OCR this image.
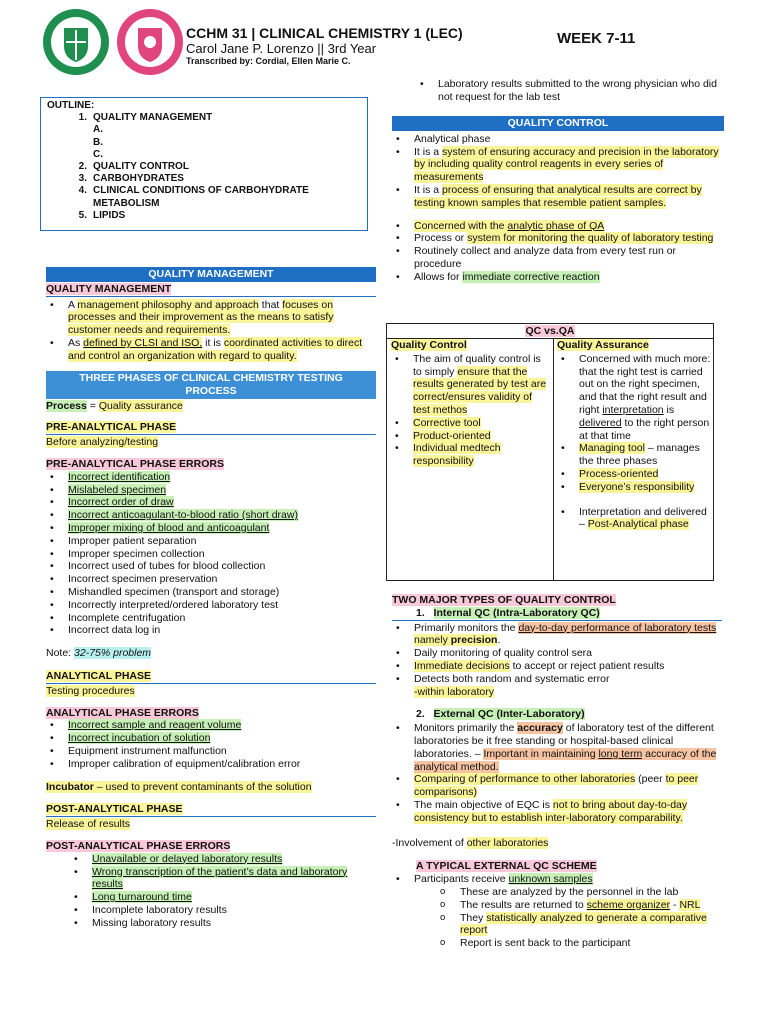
CCHM 31 | CLINICAL CHEMISTRY 1 (LEC)
Carol Jane P. Lorenzo || 3rd Year
Transcribed by: Cordial, Ellen Marie C.
WEEK 7-11
OUTLINE:
1. QUALITY MANAGEMENT
A.
B.
C.
2. QUALITY CONTROL
3. CARBOHYDRATES
4. CLINICAL CONDITIONS OF CARBOHYDRATE METABOLISM
5. LIPIDS
QUALITY MANAGEMENT
QUALITY MANAGEMENT
• A management philosophy and approach that focuses on processes and their improvement as the means to satisfy customer needs and requirements.
• As defined by CLSI and ISO, it is coordinated activities to direct and control an organization with regard to quality.
THREE PHASES OF CLINICAL CHEMISTRY TESTING PROCESS
Process = Quality assurance
PRE-ANALYTICAL PHASE
Before analyzing/testing
PRE-ANALYTICAL PHASE ERRORS
• Incorrect identification
• Mislabeled specimen
• Incorrect order of draw
• Incorrect anticoagulant-to-blood ratio (short draw)
• Improper mixing of blood and anticoagulant
• Improper patient separation
• Improper specimen collection
• Incorrect used of tubes for blood collection
• Incorrect specimen preservation
• Mishandled specimen (transport and storage)
• Incorrectly interpreted/ordered laboratory test
• Incomplete centrifugation
• Incorrect data log in
Note: 32-75% problem
ANALYTICAL PHASE
Testing procedures
ANALYTICAL PHASE ERRORS
• Incorrect sample and reagent volume
• Incorrect incubation of solution
• Equipment instrument malfunction
• Improper calibration of equipment/calibration error
Incubator – used to prevent contaminants of the solution
POST-ANALYTICAL PHASE
Release of results
POST-ANALYTICAL PHASE ERRORS
• Unavailable or delayed laboratory results
• Wrong transcription of the patient’s data and laboratory results
• Long turnaround time
• Incomplete laboratory results
• Missing laboratory results
• Laboratory results submitted to the wrong physician who did not request for the lab test
QUALITY CONTROL
• Analytical phase
• It is a system of ensuring accuracy and precision in the laboratory by including quality control reagents in every series of measurements
• It is a process of ensuring that analytical results are correct by testing known samples that resemble patient samples.
• Concerned with the analytic phase of QA
• Process or system for monitoring the quality of laboratory testing
• Routinely collect and analyze data from every test run or procedure
• Allows for immediate corrective reaction
QC vs.QA
Quality Control
• The aim of quality control is to simply ensure that the results generated by test are correct/ensures validity of test methos
• Corrective tool
• Product-oriented
• Individual medtech responsibility
Quality Assurance
• Concerned with much more: that the right test is carried out on the right specimen, and that the right result and right interpretation is delivered to the right person at that time
• Managing tool – manages the three phases
• Process-oriented
• Everyone’s responsibility
• Interpretation and delivered – Post-Analytical phase
TWO MAJOR TYPES OF QUALITY CONTROL
1. Internal QC (Intra-Laboratory QC)
• Primarily monitors the day-to-day performance of laboratory tests namely precision.
• Daily monitoring of quality control sera
• Immediate decisions to accept or reject patient results
• Detects both random and systematic error
-within laboratory
2. External QC (Inter-Laboratory)
• Monitors primarily the accuracy of laboratory test of the different laboratories be it free standing or hospital-based clinical laboratories. – Important in maintaining long term accuracy of the analytical method.
• Comparing of performance to other laboratories (peer to peer comparisons)
• The main objective of EQC is not to bring about day-to-day consistency but to establish inter-laboratory comparability.
-Involvement of other laboratories
A TYPICAL EXTERNAL QC SCHEME
• Participants receive unknown samples
o These are analyzed by the personnel in the lab
o The results are returned to scheme organizer - NRL
o They statistically analyzed to generate a comparative report
o Report is sent back to the participant
